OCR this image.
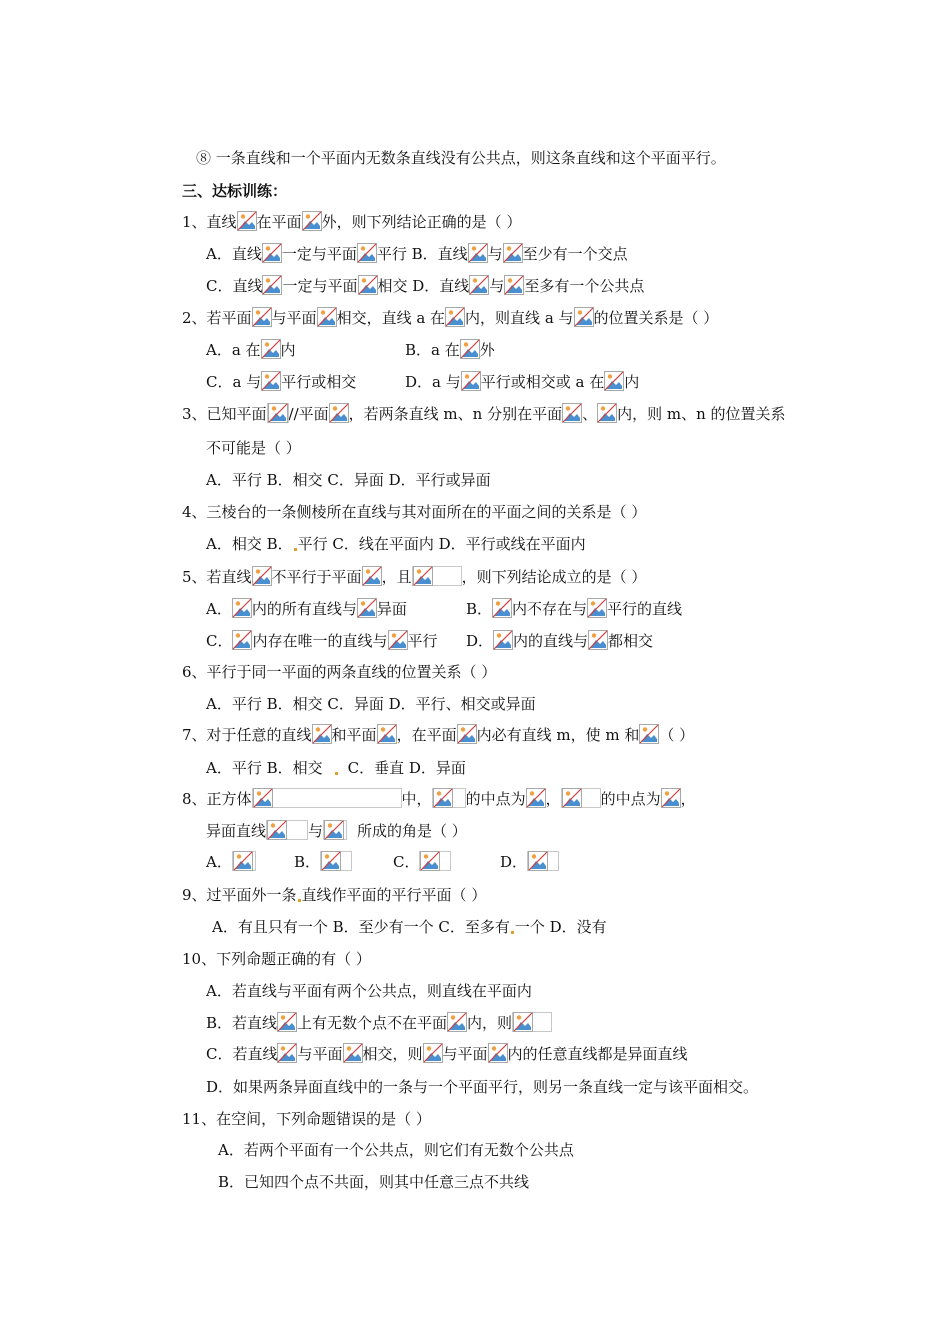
⑧ 一条直线和一个平面内无数条直线没有公共点，则这条直线和这个平面平行。
三、达标训练：
1、直线 在平面 外，则下列结论正确的是（ ）
A．直线 一定与平面 平行 B．直线 与 至少有一个交点
C．直线 一定与平面 相交 D．直线 与 至多有一个公共点
2、若平面 与平面 相交，直线 a 在 内，则直线 a 与 的位置关系是（ ）
A．a 在 内	B．a 在 外
C．a 与 平行或相交	D．a 与 平行或相交或 a 在 内
3、已知平面 //平面 ，若两条直线 m、n 分别在平面 、 内，则 m、n 的位置关系
不可能是（ ）
A．平行 B．相交 C．异面 D．平行或异面
4、三棱台的一条侧棱所在直线与其对面所在的平面之间的关系是（ ）
A．相交 B． 平行 C．线在平面内 D．平行或线在平面内
5、若直线 不平行于平面 ，且	，则下列结论成立的是（ ）
A． 内的所有直线与 异面	B． 内不存在与 平行的直线
C． 内存在唯一的直线与 平行 D． 内的直线与 都相交
6、平行于同一平面的两条直线的位置关系（ ）
A．平行 B．相交 C．异面 D．平行、相交或异面
7、对于任意的直线 和平面 ，在平面 内必有直线 m，使 m 和 （ ）
A．平行 B．相交 C．垂直 D．异面
8、正方体	中， 的中点为 ，	的中点为 ，
异面直线	与 所成的角是（ ）
A．	B．	C．	D．
9、过平面外一条 直线作平面的平行平面（ ）
A．有且只有一个 B．至少有一个 C．至多有 一个 D．没有
10、下列命题正确的有（ ）
A．若直线与平面有两个公共点，则直线在平面内
B．若直线 上有无数个点不在平面 内，则
C．若直线 与平面 相交，则 与平面 内的任意直线都是异面直线
D．如果两条异面直线中的一条与一个平面平行，则另一条直线一定与该平面相交。
11、在空间，下列命题错误的是（ ）
A．若两个平面有一个公共点，则它们有无数个公共点
B．已知四个点不共面，则其中任意三点不共线
